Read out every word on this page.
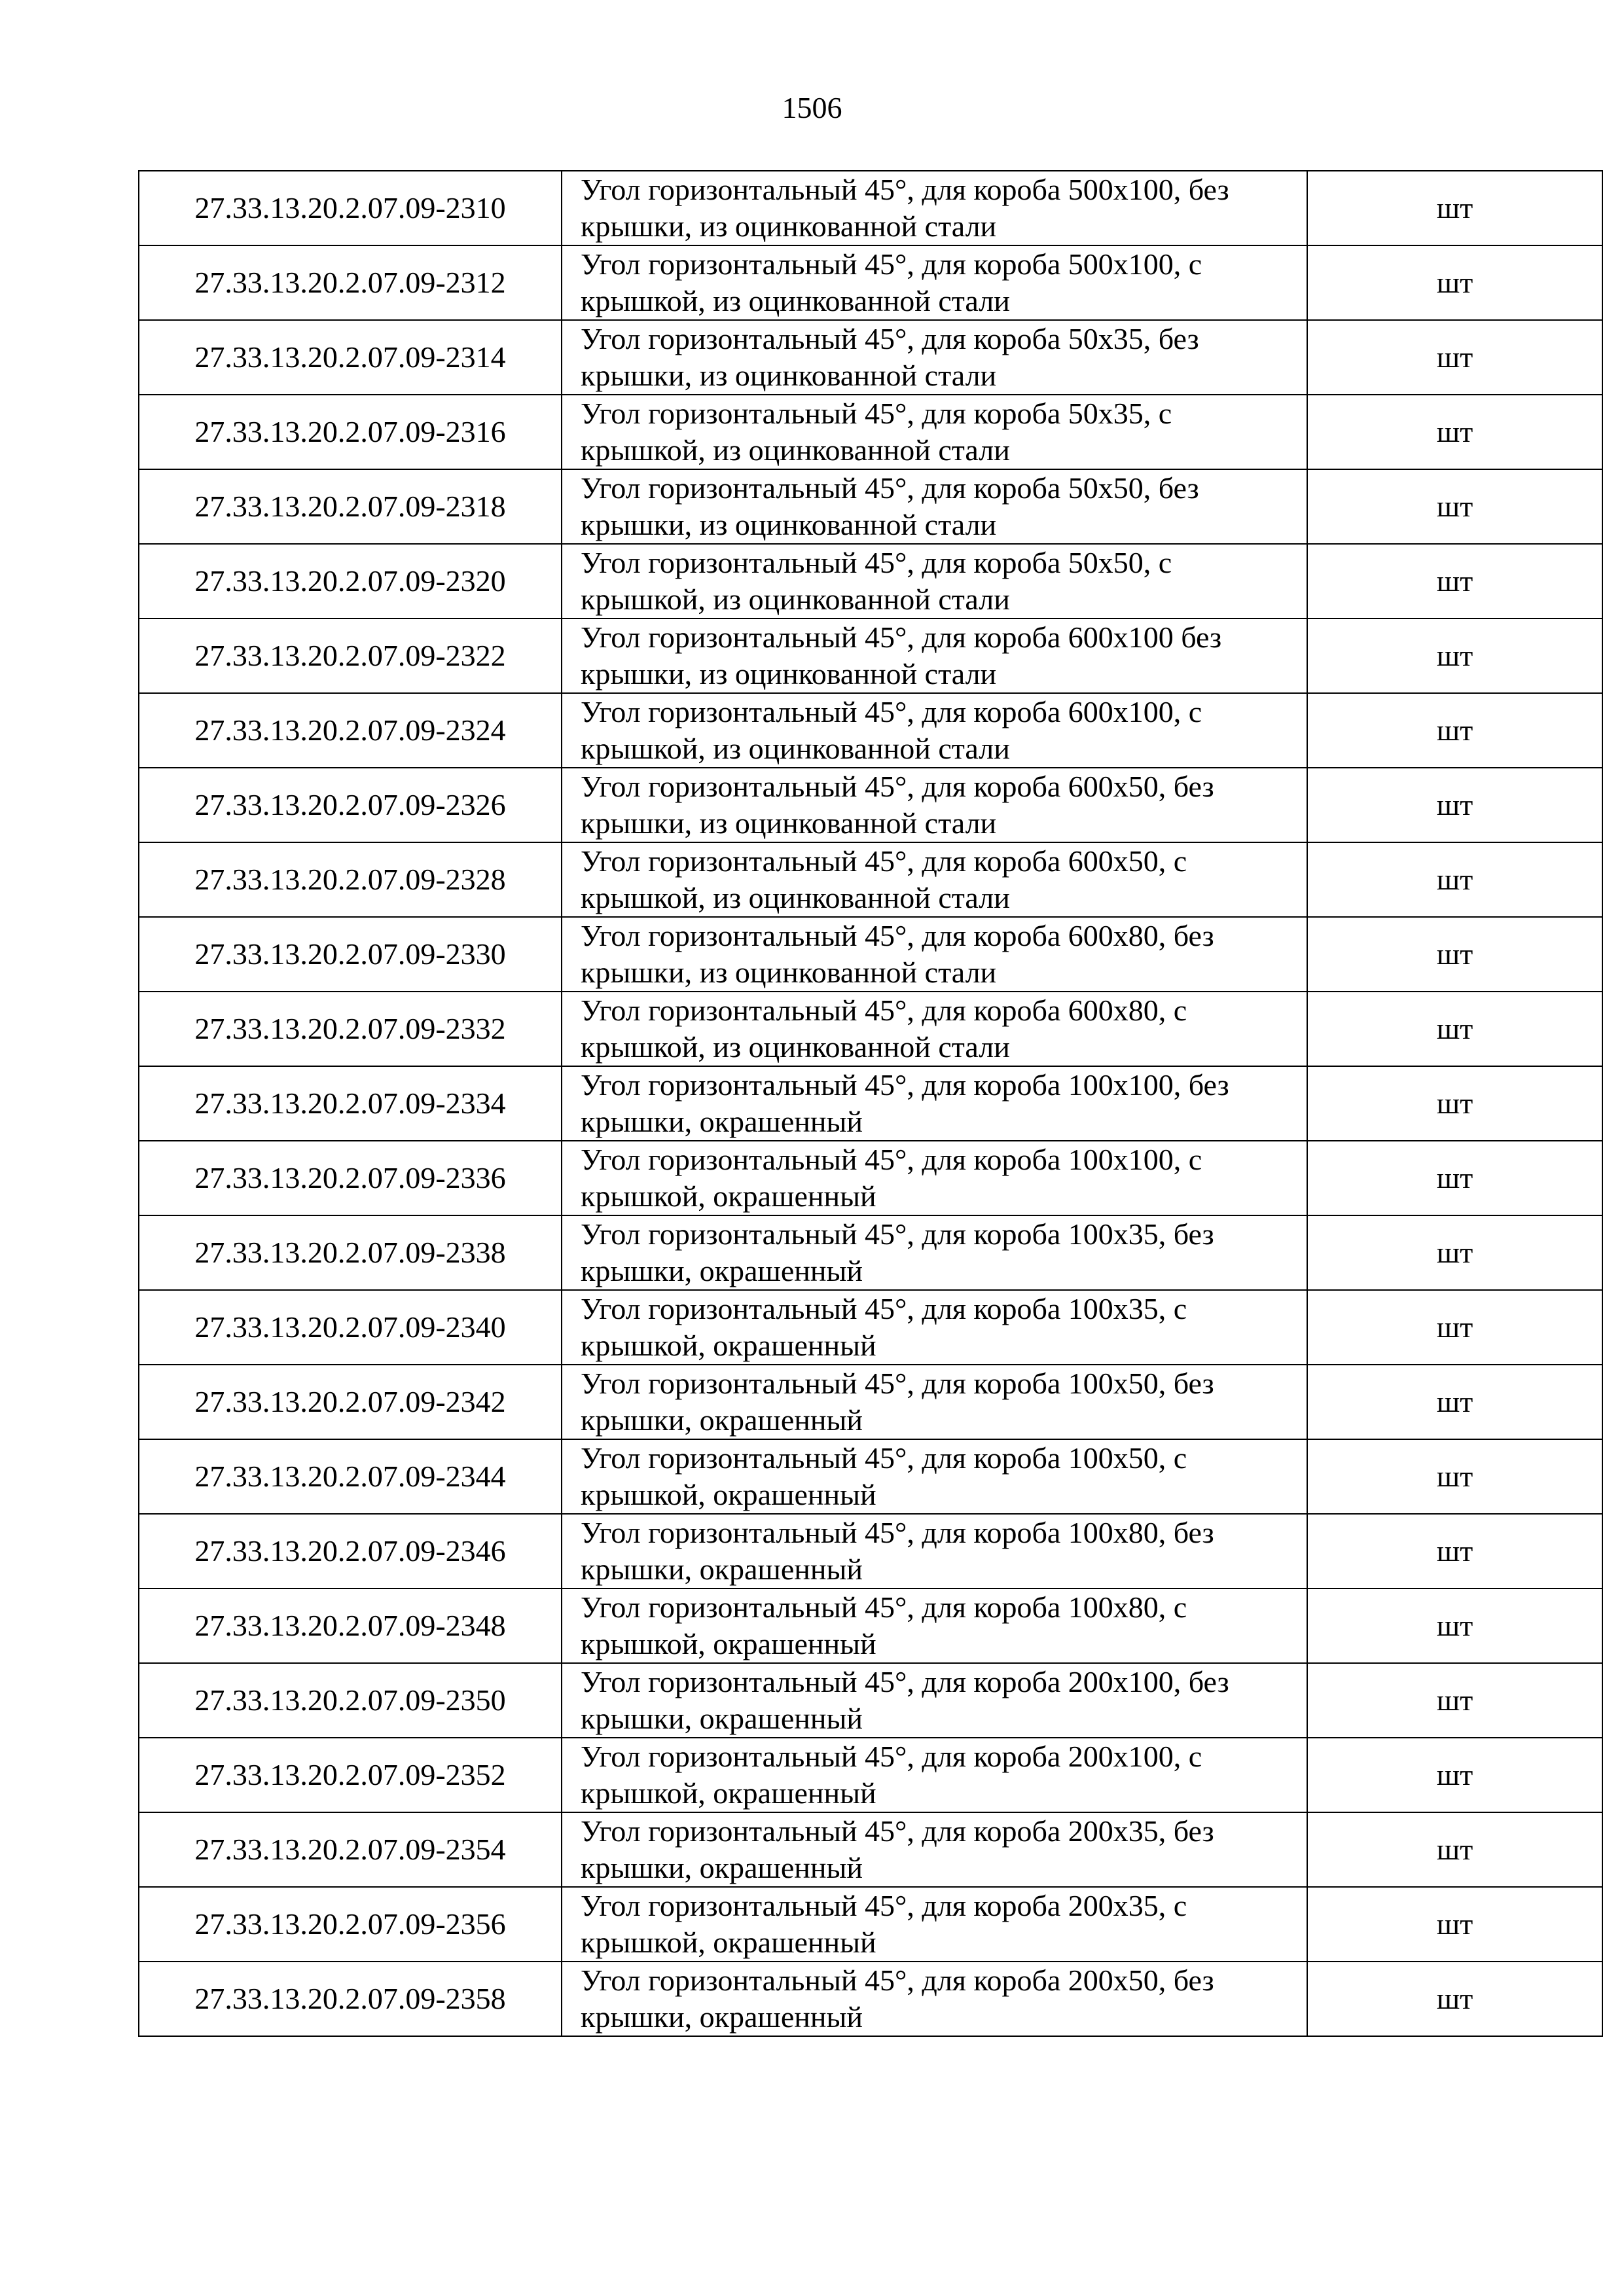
1506
27.33.13.20.2.07.09-2310	Угол горизонтальный 45°, для короба 500х100, без
крышки, из оцинкованной стали	шт
27.33.13.20.2.07.09-2312	Угол горизонтальный 45°, для короба 500х100, с
крышкой, из оцинкованной стали	шт
27.33.13.20.2.07.09-2314	Угол горизонтальный 45°, для короба 50х35, без
крышки, из оцинкованной стали	шт
27.33.13.20.2.07.09-2316	Угол горизонтальный 45°, для короба 50х35, с
крышкой, из оцинкованной стали	шт
27.33.13.20.2.07.09-2318	Угол горизонтальный 45°, для короба 50х50, без
крышки, из оцинкованной стали	шт
27.33.13.20.2.07.09-2320	Угол горизонтальный 45°, для короба 50х50, с
крышкой, из оцинкованной стали	шт
27.33.13.20.2.07.09-2322	Угол горизонтальный 45°, для короба 600х100 без
крышки, из оцинкованной стали	шт
27.33.13.20.2.07.09-2324	Угол горизонтальный 45°, для короба 600х100, с
крышкой, из оцинкованной стали	шт
27.33.13.20.2.07.09-2326	Угол горизонтальный 45°, для короба 600х50, без
крышки, из оцинкованной стали	шт
27.33.13.20.2.07.09-2328	Угол горизонтальный 45°, для короба 600х50, с
крышкой, из оцинкованной стали	шт
27.33.13.20.2.07.09-2330	Угол горизонтальный 45°, для короба 600х80, без
крышки, из оцинкованной стали	шт
27.33.13.20.2.07.09-2332	Угол горизонтальный 45°, для короба 600х80, с
крышкой, из оцинкованной стали	шт
27.33.13.20.2.07.09-2334	Угол горизонтальный 45°, для короба 100х100, без
крышки, окрашенный	шт
27.33.13.20.2.07.09-2336	Угол горизонтальный 45°, для короба 100х100, с
крышкой, окрашенный	шт
27.33.13.20.2.07.09-2338	Угол горизонтальный 45°, для короба 100х35, без
крышки, окрашенный	шт
27.33.13.20.2.07.09-2340	Угол горизонтальный 45°, для короба 100х35, с
крышкой, окрашенный	шт
27.33.13.20.2.07.09-2342	Угол горизонтальный 45°, для короба 100х50, без
крышки, окрашенный	шт
27.33.13.20.2.07.09-2344	Угол горизонтальный 45°, для короба 100х50, с
крышкой, окрашенный	шт
27.33.13.20.2.07.09-2346	Угол горизонтальный 45°, для короба 100х80, без
крышки, окрашенный	шт
27.33.13.20.2.07.09-2348	Угол горизонтальный 45°, для короба 100х80, с
крышкой, окрашенный	шт
27.33.13.20.2.07.09-2350	Угол горизонтальный 45°, для короба 200х100, без
крышки, окрашенный	шт
27.33.13.20.2.07.09-2352	Угол горизонтальный 45°, для короба 200х100, с
крышкой, окрашенный	шт
27.33.13.20.2.07.09-2354	Угол горизонтальный 45°, для короба 200х35, без
крышки, окрашенный	шт
27.33.13.20.2.07.09-2356	Угол горизонтальный 45°, для короба 200х35, с
крышкой, окрашенный	шт
27.33.13.20.2.07.09-2358	Угол горизонтальный 45°, для короба 200х50, без
крышки, окрашенный	шт
